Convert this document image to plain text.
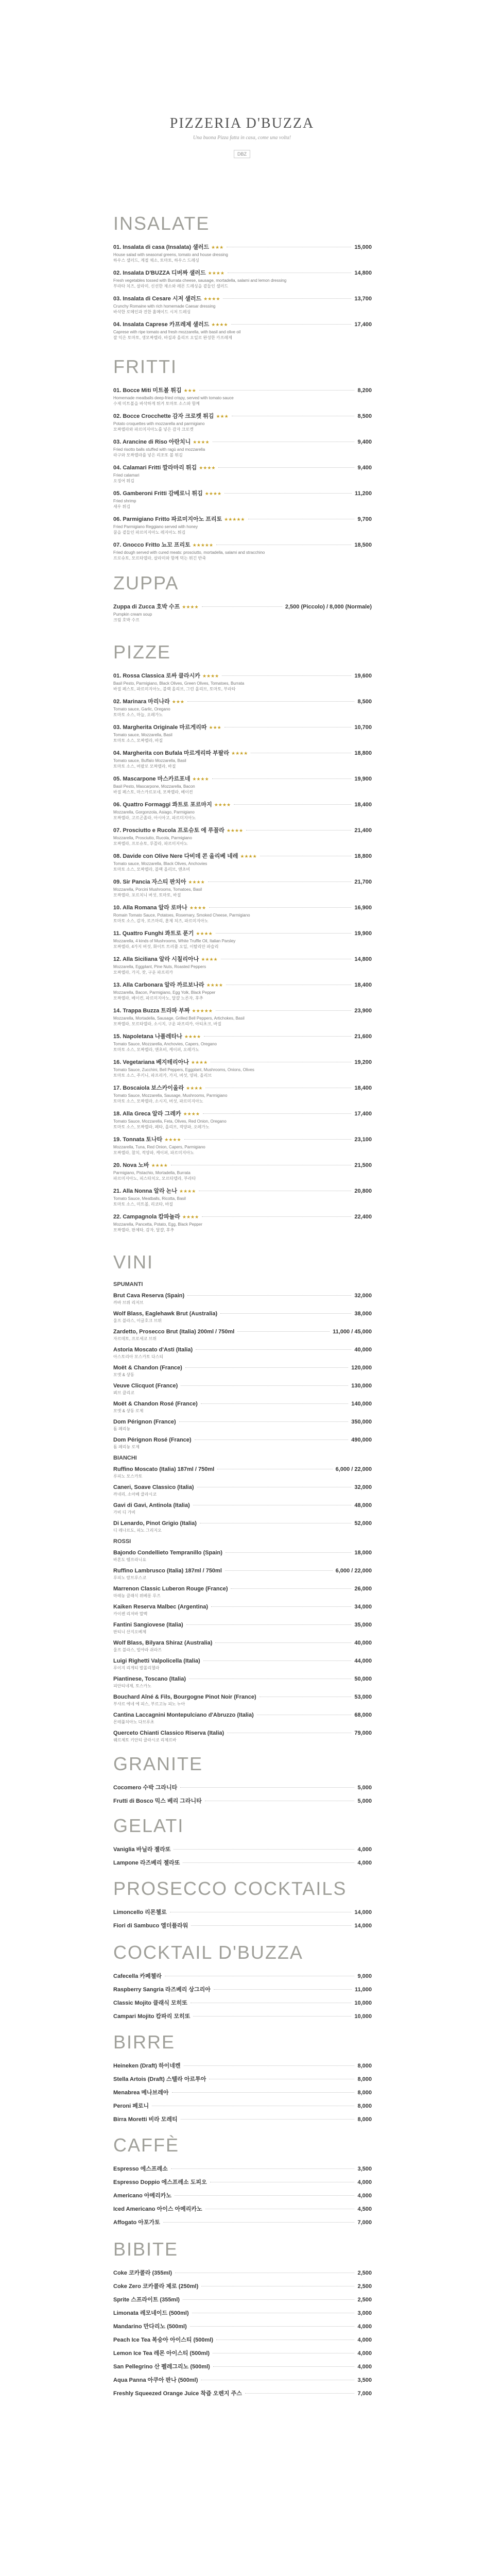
PIZZERIA D'BUZZA
Una buona Pizza fatta in casa, come una volta!
DBZ
INSALATE
01. Insalata di casa (Insalata) 샐러드 ★★★	15,000
House salad with seasonal greens, tomato and house dressing
하우스 샐러드, 계절 채소, 토마토, 하우스 드레싱
02. Insalata D'BUZZA 디버짜 샐러드 ★★★★	14,800
Fresh vegetables tossed with Burrata cheese, sausage, mortadella, salami and lemon dressing
부라타 치즈, 살라미, 신선한 채소와 레몬 드레싱을 곁들인 샐러드
03. Insalata di Cesare 시저 샐러드 ★★★★	13,700
Crunchy Romaine with rich homemade Caesar dressing
바삭한 로메인과 진한 홈메이드 시저 드레싱
04. Insalata Caprese 카프레제 샐러드 ★★★★	17,400
Caprese with ripe tomato and fresh mozzarella, with basil and olive oil
잘 익은 토마토, 생모짜렐라, 바질과 올리브 오일로 완성한 카프레제
FRITTI
01. Bocce Miti 미트볼 튀김 ★★★	8,200
Homemade meatballs deep-fried crispy, served with tomato sauce
수제 미트볼을 바삭하게 튀겨 토마토 소스와 함께
02. Bocce Crocchette 감자 크로켓 튀김 ★★★	8,500
Potato croquettes with mozzarella and parmigiano
모짜렐라와 파르미지아노를 넣은 감자 크로켓
03. Arancine di Riso 아란치니 ★★★★	9,400
Fried risotto balls stuffed with ragù and mozzarella
라구와 모짜렐라를 넣은 리조또 볼 튀김
04. Calamari Fritti 깔라마리 튀김 ★★★★	9,400
Fried calamari
오징어 튀김
05. Gamberoni Fritti 감베로니 튀김 ★★★★	11,200
Fried shrimp
새우 튀김
06. Parmigiano Fritto 파르미지아노 프리토 ★★★★★	9,700
Fried Parmigiano Reggiano served with honey
꿀을 곁들인 파르미지아노 레지아노 튀김
07. Gnocco Fritto 뇨꼬 프리토 ★★★★★	18,500
Fried dough served with cured meats: prosciutto, mortadella, salami and stracchino
프로슈토, 모르타델라, 살라미와 함께 먹는 튀긴 반죽
ZUPPA
Zuppa di Zucca 호박 수프 ★★★★	2,500 (Piccolo) / 8,000 (Normale)
Pumpkin cream soup
크림 호박 수프
PIZZE
01. Rossa Classica 로싸 클라시카 ★★★★	19,600
Basil Pesto, Parmigiano, Black Olives, Green Olives, Tomatoes, Burrata
바질 페스토, 파르미지아노, 블랙 올리브, 그린 올리브, 토마토, 부라타
02. Marinara 마리나라 ★★★	8,500
Tomato sauce, Garlic, Oregano
토마토 소스, 마늘, 오레가노
03. Margherita Originale 마르게리따 ★★★	10,700
Tomato sauce, Mozzarella, Basil
토마토 소스, 모짜렐라, 바질
04. Margherita con Bufala 마르게리따 부팔라 ★★★★	18,800
Tomato sauce, Buffalo Mozzarella, Basil
토마토 소스, 버팔로 모짜렐라, 바질
05. Mascarpone 마스카르포네 ★★★★	19,900
Basil Pesto, Mascarpone, Mozzarella, Bacon
바질 페스토, 마스카르포네, 모짜렐라, 베이컨
06. Quattro Formaggi 콰트로 포르마지 ★★★★	18,400
Mozzarella, Gorgonzola, Asiago, Parmigiano
모짜렐라, 고르곤졸라, 아시아고, 파르미지아노
07. Prosciutto e Rucola 프로슈토 에 루꼴라 ★★★★	21,400
Mozzarella, Prosciutto, Rucola, Parmigiano
모짜렐라, 프로슈토, 루꼴라, 파르미지아노
08. Davide con Olive Nere 다비데 콘 올리베 네레 ★★★★	18,800
Tomato sauce, Mozzarella, Black Olives, Anchovies
토마토 소스, 모짜렐라, 블랙 올리브, 앤초비
09. Sir Pancia 자스티 판치아 ★★★★	21,700
Mozzarella, Porcini Mushrooms, Tomatoes, Basil
모짜렐라, 포르치니 버섯, 토마토, 바질
10. Alla Romana 알라 로마나 ★★★★	16,900
Romain Tomato Sauce, Potatoes, Rosemary, Smoked Cheese, Parmigiano
토마토 소스, 감자, 로즈마리, 훈제 치즈, 파르미지아노
11. Quattro Funghi 콰트로 푼기 ★★★★	19,900
Mozzarella, 4 kinds of Mushrooms, White Truffle Oil, Italian Parsley
모짜렐라, 4가지 버섯, 화이트 트러플 오일, 이탈리안 파슬리
12. Alla Siciliana 알라 시칠리아나 ★★★★	14,800
Mozzarella, Eggplant, Pine Nuts, Roasted Peppers
모짜렐라, 가지, 잣, 구운 파프리카
13. Alla Carbonara 알라 까르보나라 ★★★★	18,400
Mozzarella, Bacon, Parmigiano, Egg Yolk, Black Pepper
모짜렐라, 베이컨, 파르미지아노, 달걀 노른자, 후추
14. Trappa Buzza 트라파 부짜 ★★★★★	23,900
Mozzarella, Mortadella, Sausage, Grilled Bell Peppers, Artichokes, Basil
모짜렐라, 모르타델라, 소시지, 구운 파프리카, 아티초크, 바질
15. Napoletana 나폴레타나 ★★★★	21,600
Tomato Sauce, Mozzarella, Anchovies, Capers, Oregano
토마토 소스, 모짜렐라, 앤초비, 케이퍼, 오레가노
16. Vegetariana 베지테리아나 ★★★★	19,200
Tomato Sauce, Zucchini, Bell Peppers, Eggplant, Mushrooms, Onions, Olives
토마토 소스, 주키니, 파프리카, 가지, 버섯, 양파, 올리브
17. Boscaiola 보스카이올라 ★★★★	18,400
Tomato Sauce, Mozzarella, Sausage, Mushrooms, Parmigiano
토마토 소스, 모짜렐라, 소시지, 버섯, 파르미지아노
18. Alla Greca 알라 그레카 ★★★★	17,400
Tomato Sauce, Mozzarella, Feta, Olives, Red Onion, Oregano
토마토 소스, 모짜렐라, 페타, 올리브, 적양파, 오레가노
19. Tonnata 토나타 ★★★★	23,100
Mozzarella, Tuna, Red Onion, Capers, Parmigiano
모짜렐라, 참치, 적양파, 케이퍼, 파르미지아노
20. Nova 노바 ★★★★	21,500
Parmigiano, Pistachio, Mortadella, Burrata
파르미지아노, 피스타치오, 모르타델라, 부라타
21. Alla Nonna 알라 논나 ★★★★	20,800
Tomato Sauce, Meatballs, Ricotta, Basil
토마토 소스, 미트볼, 리코타, 바질
22. Campagnola 캄파뇰라 ★★★★	22,400
Mozzarella, Pancetta, Potato, Egg, Black Pepper
모짜렐라, 판체타, 감자, 달걀, 후추
VINI
SPUMANTI
Brut Cava Reserva (Spain)	32,000
까바 브뤼 리저브
Wolf Blass, Eaglehawk Brut (Australia)	38,000
울프 블라스, 이글호크 브뤼
Zardetto, Prosecco Brut (Italia) 200ml / 750ml	11,000 / 45,000
자르데토, 프로세코 브뤼
Astoria Moscato d'Asti (Italia)	40,000
아스토리아 모스카토 다스티
Moët & Chandon (France)	120,000
모엣 & 샹동
Veuve Clicquot (France)	130,000
뵈브 클리코
Moët & Chandon Rosé (France)	140,000
모엣 & 샹동 로제
Dom Pérignon (France)	350,000
돔 페리뇽
Dom Pérignon Rosé (France)	490,000
돔 페리뇽 로제
BIANCHI
Ruffino Moscato (Italia) 187ml / 750ml	6,000 / 22,000
루피노 모스카토
Caneri, Soave Classico (Italia)	32,000
까네리, 소아베 클라시코
Gavi di Gavi, Antinola (Italia)	48,000
가비 디 가비
Di Lenardo, Pinot Grigio (Italia)	52,000
디 레나르도, 피노 그리지오
ROSSI
Bajondo Condellieto Tempranillo (Spain)	18,000
바혼도 템프라니요
Ruffino Lambrusco (Italia) 187ml / 750ml	6,000 / 22,000
루피노 람브루스코
Marrenon Classic Luberon Rouge (France)	26,000
마레농 클래식 뤼베롱 루즈
Kaiken Reserva Malbec (Argentina)	34,000
카이켄 리저바 말벡
Fantini Sangiovese (Italia)	35,000
판티니 산지오베제
Wolf Blass, Bilyara Shiraz (Australia)	40,000
울프 블라스, 빌야라 쉬라즈
Luigi Righetti Valpolicella (Italia)	44,000
루이지 리게티 발폴리첼라
Piantinese, Toscano (Italia)	50,000
피안티네제, 토스카노
Bouchard Aîné & Fils, Bourgogne Pinot Noir (France)	53,000
부샤르 에네 에 피스, 부르고뉴 피노 누아
Cantina Laccagnini Montepulciano d'Abruzzo (Italia)	68,000
몬테풀치아노 다브루초
Querceto Chianti Classico Riserva (Italia)	79,000
퀘르체토 키안티 클라시코 리제르바
GRANITE
Cocomero 수박 그라니타	5,000
Frutti di Bosco 믹스 베리 그라니타	5,000
GELATI
Vaniglia 바닐라 젤라또	4,000
Lampone 라즈베리 젤라또	4,000
PROSECCO COCKTAILS
Limoncello 리몬첼로	14,000
Fiori di Sambuco 엘더플라워	14,000
COCKTAIL D'BUZZA
Cafecella 카페첼라	9,000
Raspberry Sangria 라즈베리 상그리아	11,000
Classic Mojito 클래식 모히또	10,000
Campari Mojito 캄파리 모히또	10,000
BIRRE
Heineken (Draft) 하이네켄	8,000
Stella Artois (Draft) 스텔라 아르투아	8,000
Menabrea 메나브레아	8,000
Peroni 페로니	8,000
Birra Moretti 비라 모레티	8,000
CAFFÈ
Espresso 에스프레소	3,500
Espresso Doppio 에스프레소 도피오	4,000
Americano 아메리카노	4,000
Iced Americano 아이스 아메리카노	4,500
Affogato 아포가토	7,000
BIBITE
Coke 코카콜라 (355ml)	2,500
Coke Zero 코카콜라 제로 (250ml)	2,500
Sprite 스프라이트 (355ml)	2,500
Limonata 레모네이드 (500ml)	3,000
Mandarino 만다리노 (500ml)	4,000
Peach Ice Tea 복숭아 아이스티 (500ml)	4,000
Lemon Ice Tea 레몬 아이스티 (500ml)	4,000
San Pellegrino 산 펠레그리노 (500ml)	4,000
Aqua Panna 아쿠아 판나 (500ml)	3,500
Freshly Squeezed Orange Juice 착즙 오렌지 주스	7,000
